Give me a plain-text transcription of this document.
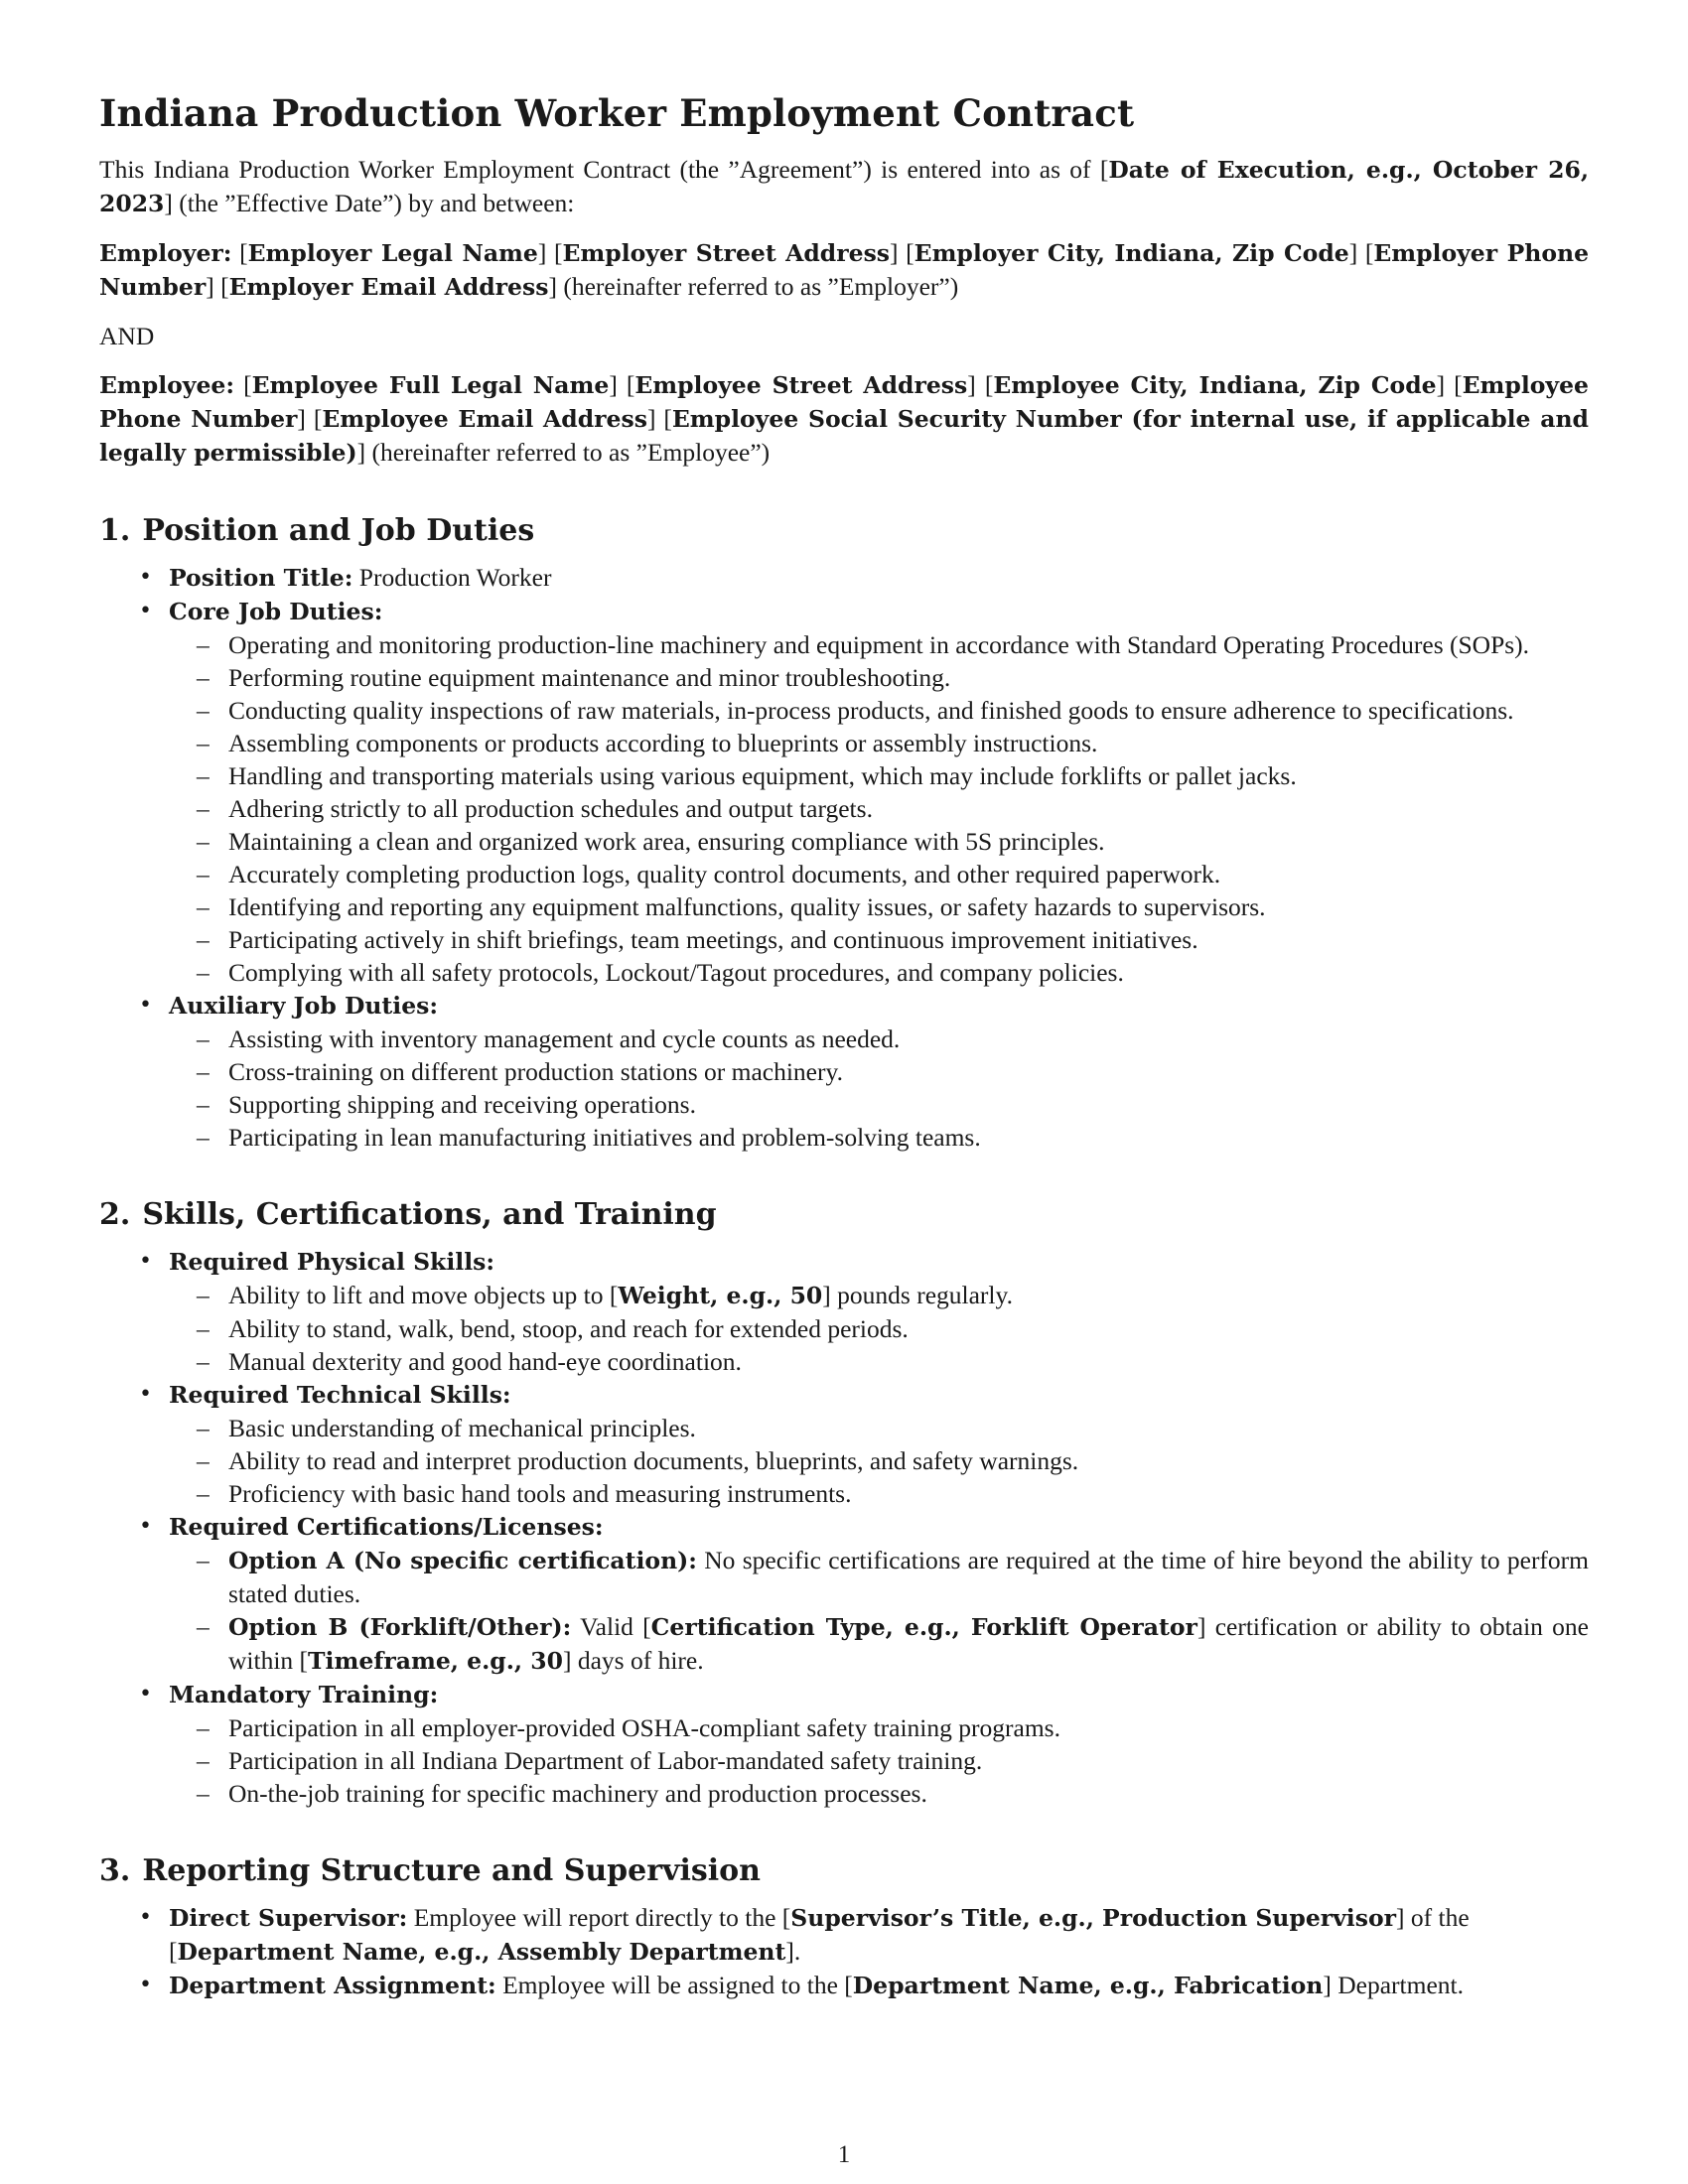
Indiana Production Worker Employment Contract

This Indiana Production Worker Employment Contract (the ”Agreement”) is entered into as of [Date of Execution, e.g., October 26, 2023] (the ”Effective Date”) by and between:

Employer: [Employer Legal Name] [Employer Street Address] [Employer City, Indiana, Zip Code] [Employer Phone Number] [Employer Email Address] (hereinafter referred to as ”Employer”)

AND

Employee: [Employee Full Legal Name] [Employee Street Address] [Employee City, Indiana, Zip Code] [Employee Phone Number] [Employee Email Address] [Employee Social Security Number (for internal use, if applicable and legally permissible)] (hereinafter referred to as ”Employee”)

1. Position and Job Duties
• Position Title: Production Worker
• Core Job Duties:
– Operating and monitoring production-line machinery and equipment in accordance with Standard Operating Procedures (SOPs).
– Performing routine equipment maintenance and minor troubleshooting.
– Conducting quality inspections of raw materials, in-process products, and finished goods to ensure adherence to specifications.
– Assembling components or products according to blueprints or assembly instructions.
– Handling and transporting materials using various equipment, which may include forklifts or pallet jacks.
– Adhering strictly to all production schedules and output targets.
– Maintaining a clean and organized work area, ensuring compliance with 5S principles.
– Accurately completing production logs, quality control documents, and other required paperwork.
– Identifying and reporting any equipment malfunctions, quality issues, or safety hazards to supervisors.
– Participating actively in shift briefings, team meetings, and continuous improvement initiatives.
– Complying with all safety protocols, Lockout/Tagout procedures, and company policies.
• Auxiliary Job Duties:
– Assisting with inventory management and cycle counts as needed.
– Cross-training on different production stations or machinery.
– Supporting shipping and receiving operations.
– Participating in lean manufacturing initiatives and problem-solving teams.
2. Skills, Certifications, and Training
• Required Physical Skills:
– Ability to lift and move objects up to [Weight, e.g., 50] pounds regularly.
– Ability to stand, walk, bend, stoop, and reach for extended periods.
– Manual dexterity and good hand-eye coordination.
• Required Technical Skills:
– Basic understanding of mechanical principles.
– Ability to read and interpret production documents, blueprints, and safety warnings.
– Proficiency with basic hand tools and measuring instruments.
• Required Certifications/Licenses:
– Option A (No specific certification): No specific certifications are required at the time of hire beyond the ability to perform stated duties.
– Option B (Forklift/Other): Valid [Certification Type, e.g., Forklift Operator] certification or ability to obtain one within [Timeframe, e.g., 30] days of hire.
• Mandatory Training:
– Participation in all employer-provided OSHA-compliant safety training programs.
– Participation in all Indiana Department of Labor-mandated safety training.
– On-the-job training for specific machinery and production processes.
3. Reporting Structure and Supervision
• Direct Supervisor: Employee will report directly to the [Supervisor’s Title, e.g., Production Supervisor] of the [Department Name, e.g., Assembly Department].
• Department Assignment: Employee will be assigned to the [Department Name, e.g., Fabrication] Department.
1
